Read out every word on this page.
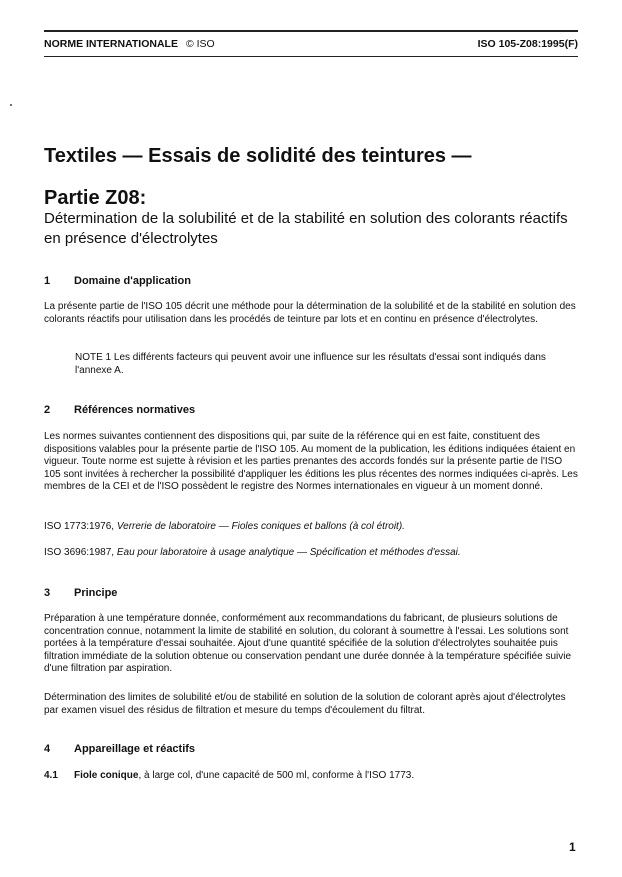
NORME INTERNATIONALE © ISO	ISO 105-Z08:1995(F)
Textiles — Essais de solidité des teintures —
Partie Z08:

Détermination de la solubilité et de la stabilité en solution des colorants réactifs en présence d'électrolytes

1 Domaine d'application

La présente partie de l'ISO 105 décrit une méthode pour la détermination de la solubilité et de la stabilité en solution des colorants réactifs pour utilisation dans les procédés de teinture par lots et en continu en présence d'électrolytes.

NOTE 1 Les différents facteurs qui peuvent avoir une influence sur les résultats d'essai sont indiqués dans l'annexe A.

2 Références normatives

Les normes suivantes contiennent des dispositions qui, par suite de la référence qui en est faite, constituent des dispositions valables pour la présente partie de l'ISO 105. Au moment de la publication, les éditions indiquées étaient en vigueur. Toute norme est sujette à révision et les parties prenantes des accords fondés sur la présente partie de l'ISO 105 sont invitées à rechercher la possibilité d'appliquer les éditions les plus récentes des normes indiquées ci-après. Les membres de la CEI et de l'ISO possèdent le registre des Normes internationales en vigueur à un moment donné.

ISO 1773:1976, Verrerie de laboratoire — Fioles coniques et ballons (à col étroit).

ISO 3696:1987, Eau pour laboratoire à usage analytique — Spécification et méthodes d'essai.

3 Principe

Préparation à une température donnée, conformément aux recommandations du fabricant, de plusieurs solutions de concentration connue, notamment la limite de stabilité en solution, du colorant à soumettre à l'essai. Les solutions sont portées à la température d'essai souhaitée. Ajout d'une quantité spécifiée de la solution d'électrolytes souhaitée puis filtration immédiate de la solution obtenue ou conservation pendant une durée donnée à la température spécifiée suivie d'une filtration par aspiration.

Détermination des limites de solubilité et/ou de stabilité en solution de la solution de colorant après ajout d'électrolytes par examen visuel des résidus de filtration et mesure du temps d'écoulement du filtrat.

4 Appareillage et réactifs

4.1 Fiole conique, à large col, d'une capacité de 500 ml, conforme à l'ISO 1773.

1
